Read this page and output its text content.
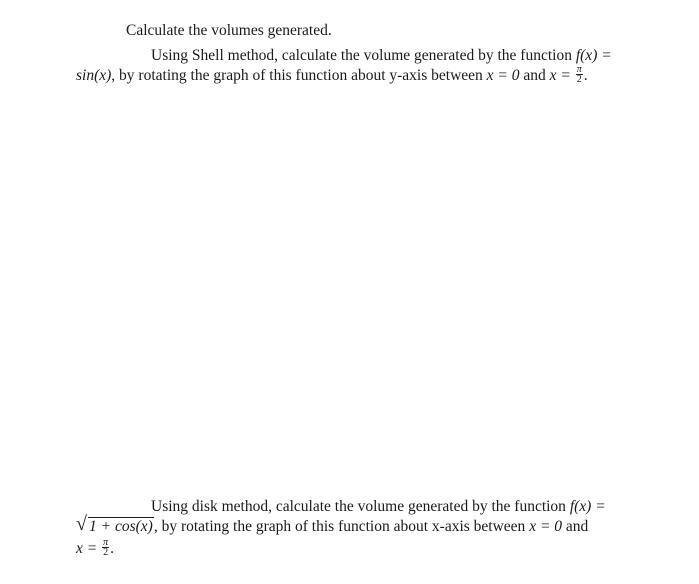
Calculate the volumes generated.
Using Shell method, calculate the volume generated by the function f(x) =
sin(x), by rotating the graph of this function about y-axis between x = 0 and $x = \frac{\pi}{2}$ .
Using disk method, calculate the volume generated by the function f(x) =
√ 1 + cos(x), by rotating the graph of this function about x-axis between x = 0 and
$x = \frac{\pi}{2}$ .
